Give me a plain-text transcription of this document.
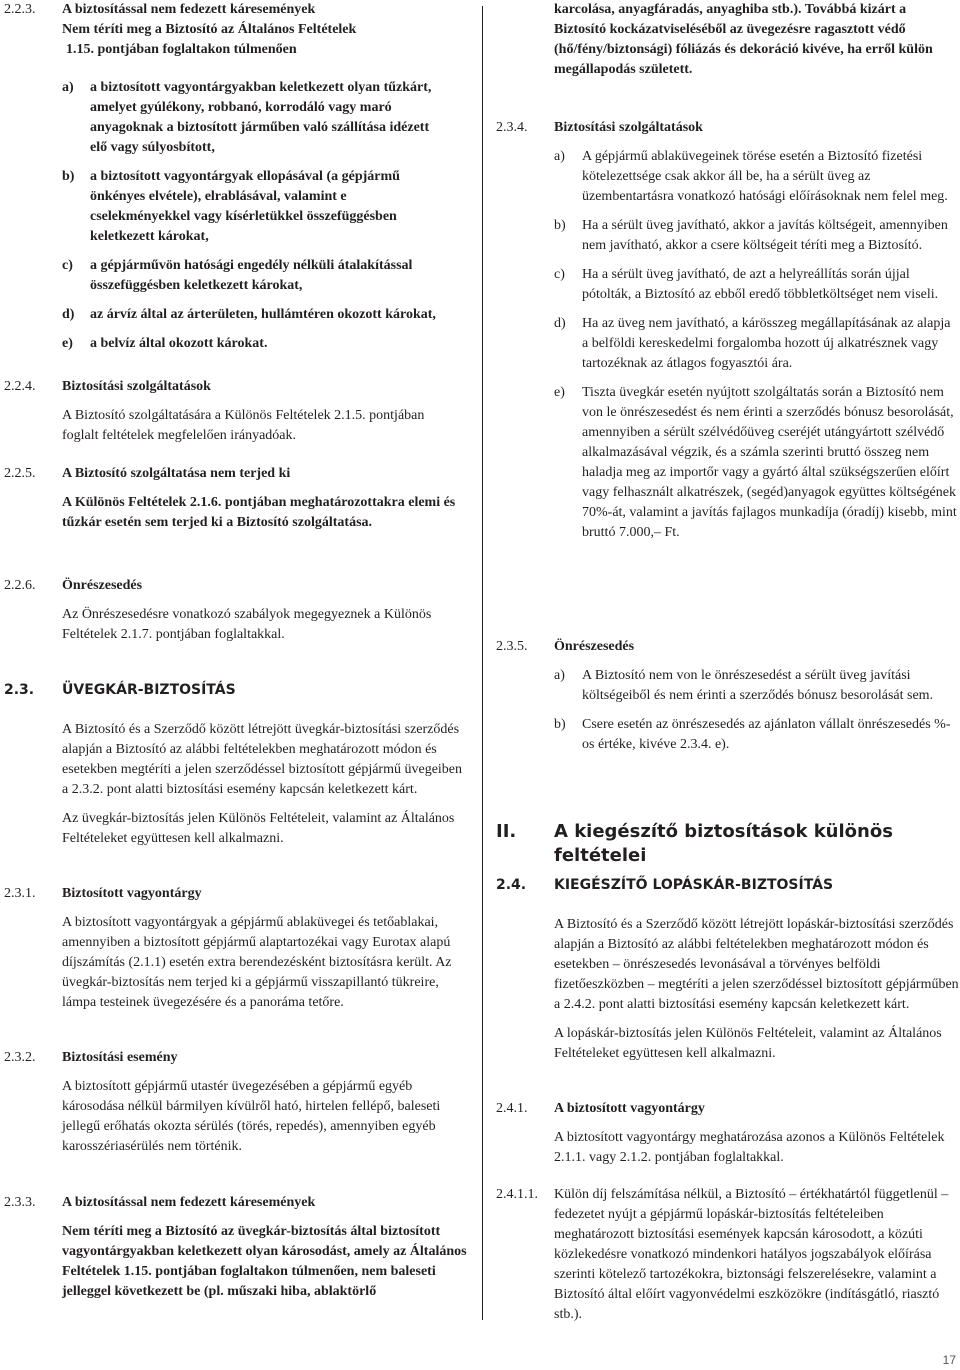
2.2.3. A biztosítással nem fedezett káresemények

Nem téríti meg a Biztosító az Általános Feltételek

1.15. pontjában foglaltakon túlmenően

a) a biztosított vagyontárgyakban keletkezett olyan tűzkárt, amelyet gyúlékony, robbanó, korrodáló vagy maró anyagoknak a biztosított járműben való szállítása idézett elő vagy súlyosbított,
b) a biztosított vagyontárgyak ellopásával (a gépjármű önkényes elvétele), elrablásával, valamint e cselekményekkel vagy kísérletükkel összefüggésben keletkezett károkat,
c) a gépjárművön hatósági engedély nélküli átalakítással összefüggésben keletkezett károkat,
d) az árvíz által az árterületen, hullámtéren okozott károkat,
e) a belvíz által okozott károkat.
2.2.4. Biztosítási szolgáltatások

A Biztosító szolgáltatására a Különös Feltételek 2.1.5. pontjában foglalt feltételek megfelelően irányadóak.

2.2.5. A Biztosító szolgáltatása nem terjed ki

A Különös Feltételek 2.1.6. pontjában meghatározottakra elemi és tűzkár esetén sem terjed ki a Biztosító szolgáltatása.

2.2.6. Önrészesedés

Az Önrészesedésre vonatkozó szabályok megegyeznek a Különös Feltételek 2.1.7. pontjában foglaltakkal.

2.3. ÜVEGKÁR-BIZTOSÍTÁS

A Biztosító és a Szerződő között létrejött üvegkár-biztosítási szerződés alapján a Biztosító az alábbi feltételekben meghatározott módon és esetekben megtéríti a jelen szerződéssel biztosított gépjármű üvegeiben a 2.3.2. pont alatti biztosítási esemény kapcsán keletkezett kárt.

Az üvegkár-biztosítás jelen Különös Feltételeit, valamint az Általános Feltételeket együttesen kell alkalmazni.

2.3.1. Biztosított vagyontárgy

A biztosított vagyontárgyak a gépjármű ablaküvegei és tetőablakai, amennyiben a biztosított gépjármű alaptartozékai vagy Eurotax alapú díjszámítás (2.1.1) esetén extra berendezésként biztosításra került. Az üvegkár-biztosítás nem terjed ki a gépjármű visszapillantó tükreire, lámpa testeinek üvegezésére és a panoráma tetőre.

2.3.2. Biztosítási esemény

A biztosított gépjármű utastér üvegezésében a gépjármű egyéb károsodása nélkül bármilyen kívülről ható, hirtelen fellépő, baleseti jellegű erőhatás okozta sérülés (törés, repedés), amennyiben egyéb karosszériasérülés nem történik.

2.3.3. A biztosítással nem fedezett káresemények

Nem téríti meg a Biztosító az üvegkár-biztosítás által biztosított vagyontárgyakban keletkezett olyan károsodást, amely az Általános Feltételek 1.15. pontjában foglaltakon túlmenően, nem baleseti jelleggel következett be (pl. műszaki hiba, ablaktörlő

karcolása, anyagfáradás, anyaghiba stb.). Továbbá kizárt a Biztosító kockázatviseléséből az üvegezésre ragasztott védő (hő/fény/biztonsági) fóliázás és dekoráció kivéve, ha erről külön megállapodás született.

2.3.4. Biztosítási szolgáltatások

a) A gépjármű ablaküvegeinek törése esetén a Biztosító fizetési kötelezettsége csak akkor áll be, ha a sérült üveg az üzembentartásra vonatkozó hatósági előírásoknak nem felel meg.
b) Ha a sérült üveg javítható, akkor a javítás költségeit, amennyiben nem javítható, akkor a csere költségeit téríti meg a Biztosító.
c) Ha a sérült üveg javítható, de azt a helyreállítás során újjal pótolták, a Biztosító az ebből eredő többletköltséget nem viseli.
d) Ha az üveg nem javítható, a kárösszeg megállapításának az alapja a belföldi kereskedelmi forgalomba hozott új alkatrésznek vagy tartozéknak az átlagos fogyasztói ára.
e) Tiszta üvegkár esetén nyújtott szolgáltatás során a Biztosító nem von le önrészesedést és nem érinti a szerződés bónusz besorolását, amennyiben a sérült szélvédőüveg cseréjét utángyártott szélvédő alkalmazásával végzik, és a számla szerinti bruttó összeg nem haladja meg az importőr vagy a gyártó által szükségszerűen előírt vagy felhasznált alkatrészek, (segéd)anyagok együttes költségének 70%-át, valamint a javítás fajlagos munkadíja (óradíj) kisebb, mint bruttó 7.000,– Ft.
2.3.5. Önrészesedés

a) A Biztosító nem von le önrészesedést a sérült üveg javítási költségeiből és nem érinti a szerződés bónusz besorolását sem.
b) Csere esetén az önrészesedés az ajánlaton vállalt önrészesedés %-os értéke, kivéve 2.3.4. e).
II. A kiegészítő biztosítások különös feltételei
2.4. KIEGÉSZÍTŐ LOPÁSKÁR-BIZTOSÍTÁS

A Biztosító és a Szerződő között létrejött lopáskár-biztosítási szerződés alapján a Biztosító az alábbi feltételekben meghatározott módon és esetekben – önrészesedés levonásával a törvényes belföldi fizetőeszközben – megtéríti a jelen szerződéssel biztosított gépjárműben a 2.4.2. pont alatti biztosítási esemény kapcsán keletkezett kárt.

A lopáskár-biztosítás jelen Különös Feltételeit, valamint az Általános Feltételeket együttesen kell alkalmazni.

2.4.1. A biztosított vagyontárgy

A biztosított vagyontárgy meghatározása azonos a Különös Feltételek 2.1.1. vagy 2.1.2. pontjában foglaltakkal.

2.4.1.1. Külön díj felszámítása nélkül, a Biztosító – értékhatártól függetlenül – fedezetet nyújt a gépjármű lopáskár-biztosítás feltételeiben meghatározott biztosítási események kapcsán károsodott, a közúti közlekedésre vonatkozó mindenkori hatályos jogszabályok előírása szerinti kötelező tartozékokra, biztonsági felszerelésekre, valamint a Biztosító által előírt vagyonvédelmi eszközökre (indításgátló, riasztó stb.).

17
